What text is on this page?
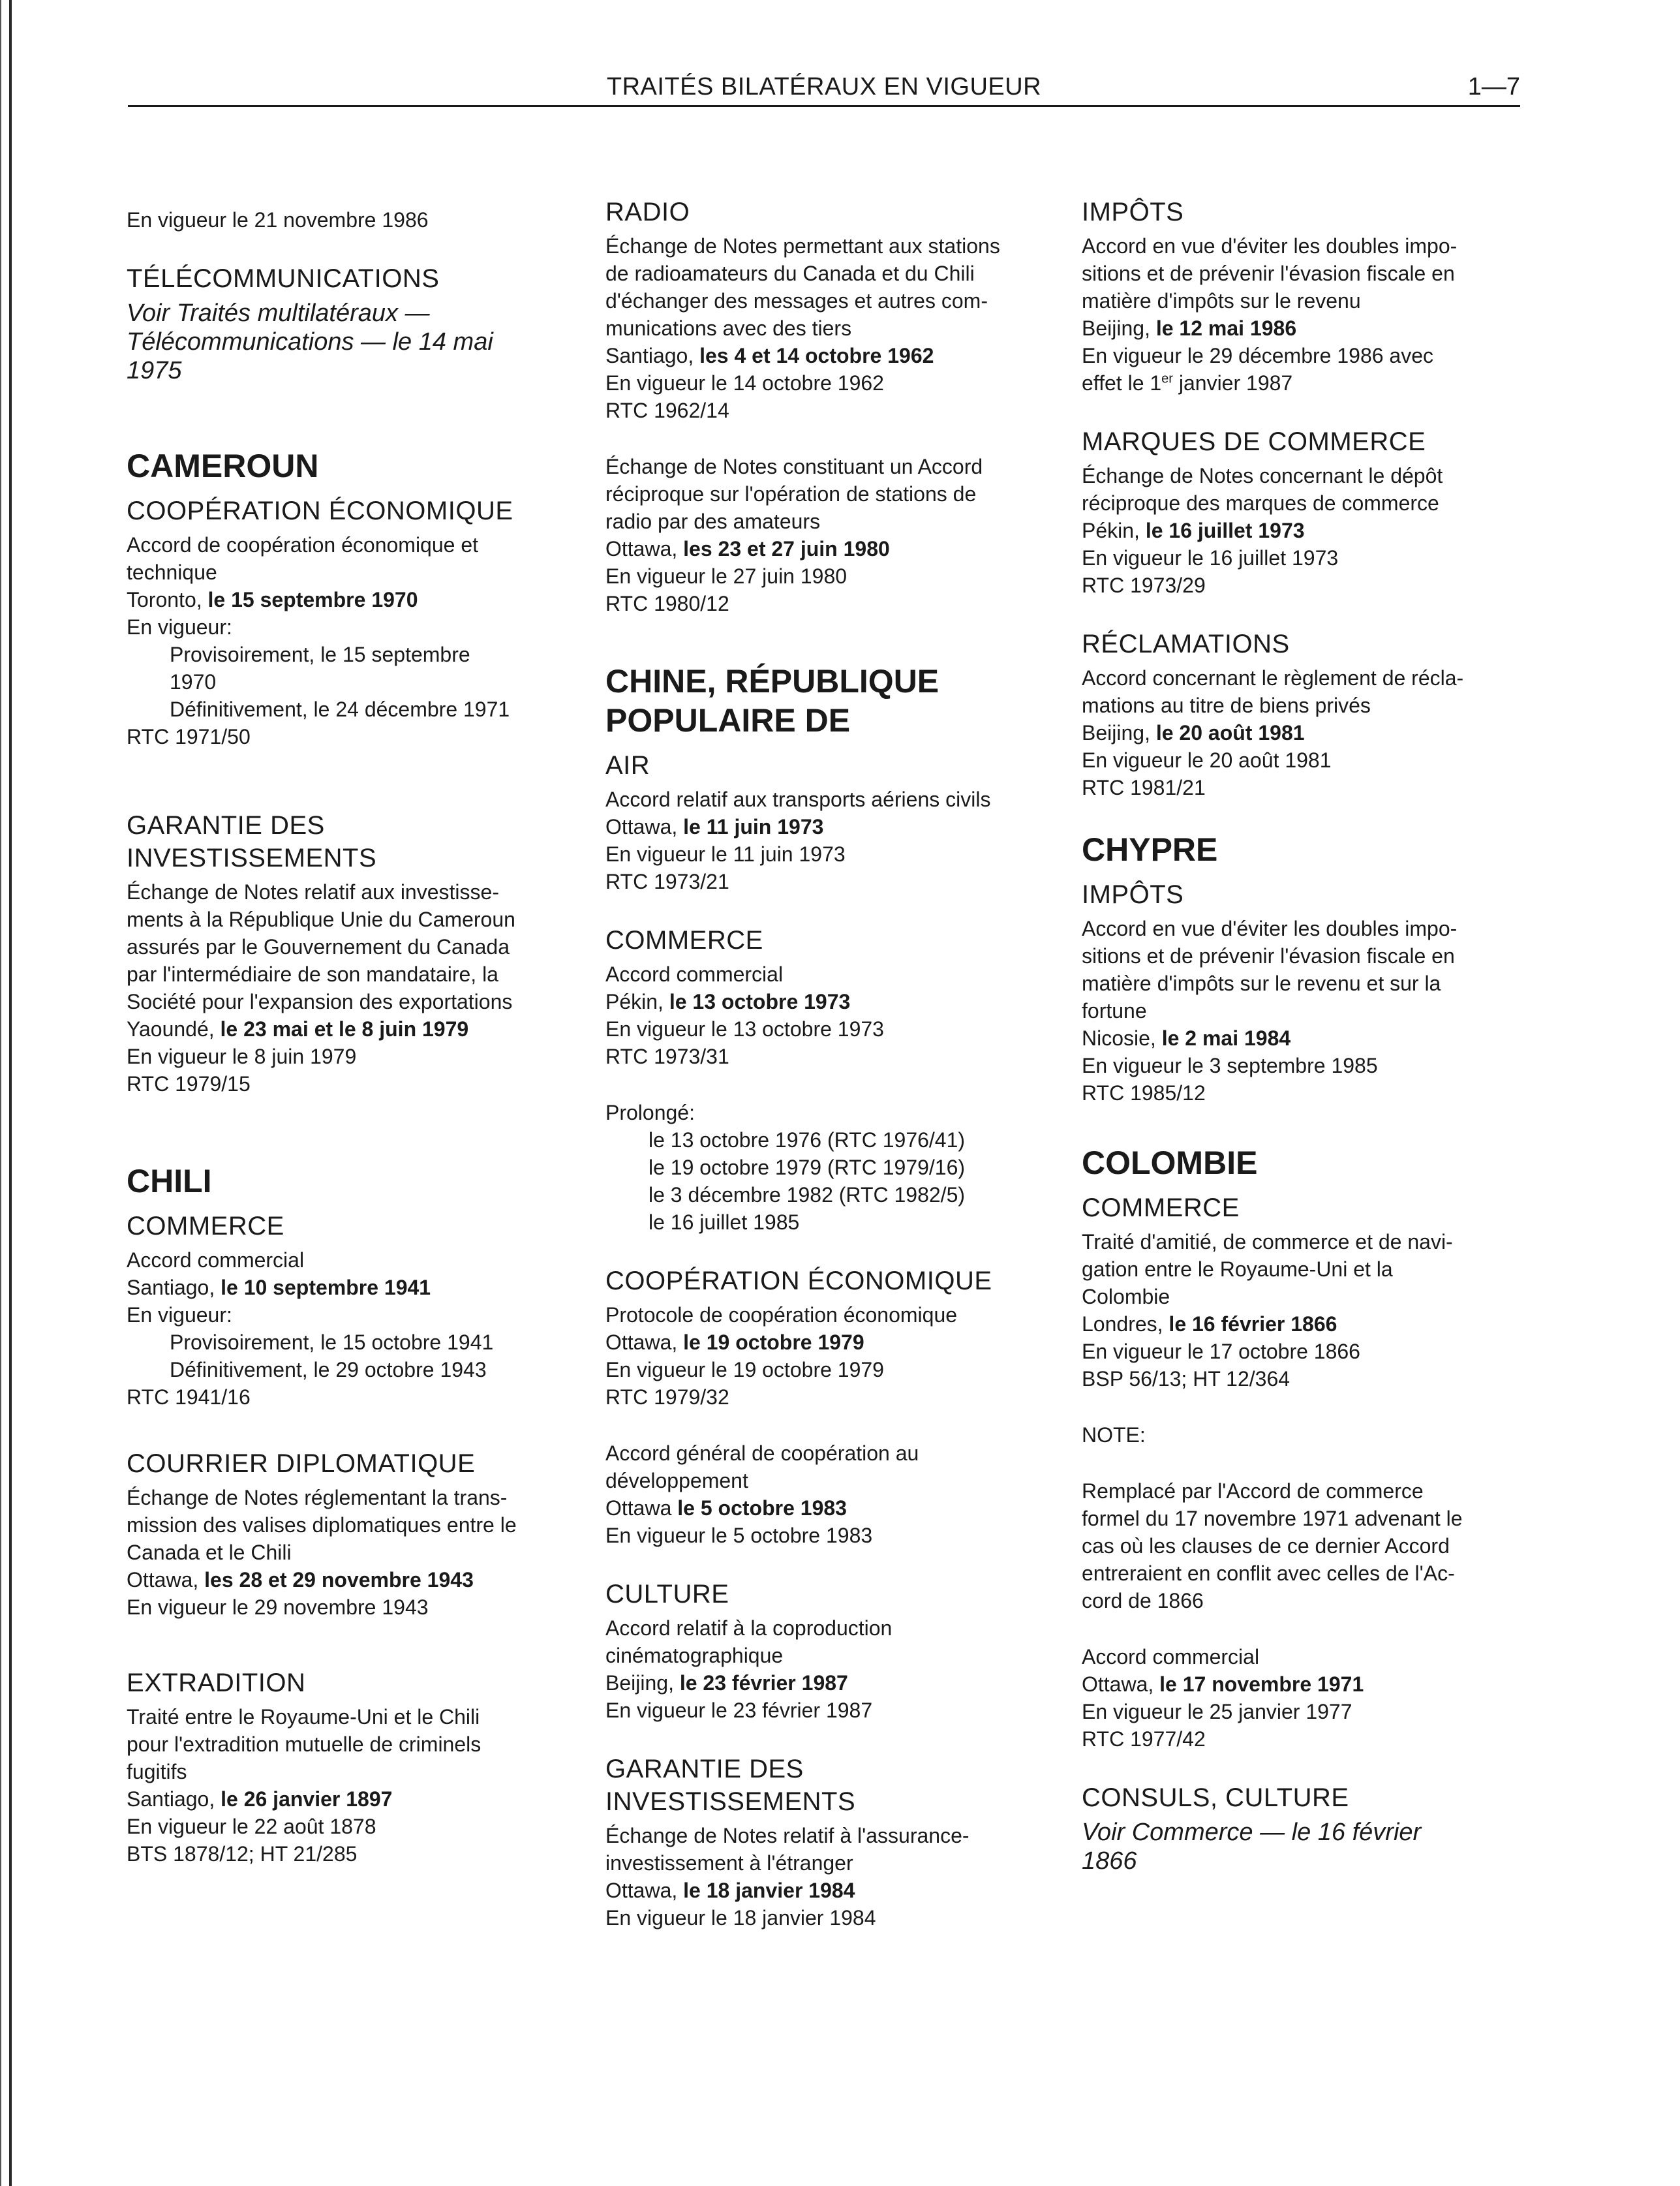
TRAITÉS BILATÉRAUX EN VIGUEUR	1—7

En vigueur le 21 novembre 1986

TÉLÉCOMMUNICATIONS

Voir Traités multilatéraux —

Télécommunications — le 14 mai

1975

CAMEROUN

COOPÉRATION ÉCONOMIQUE

Accord de coopération économique et

technique

Toronto, le 15 septembre 1970

En vigueur:

Provisoirement, le 15 septembre

1970

Définitivement, le 24 décembre 1971

RTC 1971/50

GARANTIE DES

INVESTISSEMENTS

Échange de Notes relatif aux investisse-

ments à la République Unie du Cameroun

assurés par le Gouvernement du Canada

par l'intermédiaire de son mandataire, la

Société pour l'expansion des exportations

Yaoundé, le 23 mai et le 8 juin 1979

En vigueur le 8 juin 1979

RTC 1979/15

CHILI

COMMERCE

Accord commercial

Santiago, le 10 septembre 1941

En vigueur:

Provisoirement, le 15 octobre 1941

Définitivement, le 29 octobre 1943

RTC 1941/16

COURRIER DIPLOMATIQUE

Échange de Notes réglementant la trans-

mission des valises diplomatiques entre le

Canada et le Chili

Ottawa, les 28 et 29 novembre 1943

En vigueur le 29 novembre 1943

EXTRADITION

Traité entre le Royaume-Uni et le Chili

pour l'extradition mutuelle de criminels

fugitifs

Santiago, le 26 janvier 1897

En vigueur le 22 août 1878

BTS 1878/12; HT 21/285

RADIO

Échange de Notes permettant aux stations

de radioamateurs du Canada et du Chili

d'échanger des messages et autres com-

munications avec des tiers

Santiago, les 4 et 14 octobre 1962

En vigueur le 14 octobre 1962

RTC 1962/14

Échange de Notes constituant un Accord

réciproque sur l'opération de stations de

radio par des amateurs

Ottawa, les 23 et 27 juin 1980

En vigueur le 27 juin 1980

RTC 1980/12

CHINE, RÉPUBLIQUE

POPULAIRE DE

AIR

Accord relatif aux transports aériens civils

Ottawa, le 11 juin 1973

En vigueur le 11 juin 1973

RTC 1973/21

COMMERCE

Accord commercial

Pékin, le 13 octobre 1973

En vigueur le 13 octobre 1973

RTC 1973/31

Prolongé:

le 13 octobre 1976 (RTC 1976/41)

le 19 octobre 1979 (RTC 1979/16)

le 3 décembre 1982 (RTC 1982/5)

le 16 juillet 1985

COOPÉRATION ÉCONOMIQUE

Protocole de coopération économique

Ottawa, le 19 octobre 1979

En vigueur le 19 octobre 1979

RTC 1979/32

Accord général de coopération au

développement

Ottawa le 5 octobre 1983

En vigueur le 5 octobre 1983

CULTURE

Accord relatif à la coproduction

cinématographique

Beijing, le 23 février 1987

En vigueur le 23 février 1987

GARANTIE DES

INVESTISSEMENTS

Échange de Notes relatif à l'assurance-

investissement à l'étranger

Ottawa, le 18 janvier 1984

En vigueur le 18 janvier 1984

IMPÔTS

Accord en vue d'éviter les doubles impo-

sitions et de prévenir l'évasion fiscale en

matière d'impôts sur le revenu

Beijing, le 12 mai 1986

En vigueur le 29 décembre 1986 avec

effet le 1er janvier 1987

MARQUES DE COMMERCE

Échange de Notes concernant le dépôt

réciproque des marques de commerce

Pékin, le 16 juillet 1973

En vigueur le 16 juillet 1973

RTC 1973/29

RÉCLAMATIONS

Accord concernant le règlement de récla-

mations au titre de biens privés

Beijing, le 20 août 1981

En vigueur le 20 août 1981

RTC 1981/21

CHYPRE

IMPÔTS

Accord en vue d'éviter les doubles impo-

sitions et de prévenir l'évasion fiscale en

matière d'impôts sur le revenu et sur la

fortune

Nicosie, le 2 mai 1984

En vigueur le 3 septembre 1985

RTC 1985/12

COLOMBIE

COMMERCE

Traité d'amitié, de commerce et de navi-

gation entre le Royaume-Uni et la

Colombie

Londres, le 16 février 1866

En vigueur le 17 octobre 1866

BSP 56/13; HT 12/364

NOTE:

Remplacé par l'Accord de commerce

formel du 17 novembre 1971 advenant le

cas où les clauses de ce dernier Accord

entreraient en conflit avec celles de l'Ac-

cord de 1866

Accord commercial

Ottawa, le 17 novembre 1971

En vigueur le 25 janvier 1977

RTC 1977/42

CONSULS, CULTURE

Voir Commerce — le 16 février

1866
